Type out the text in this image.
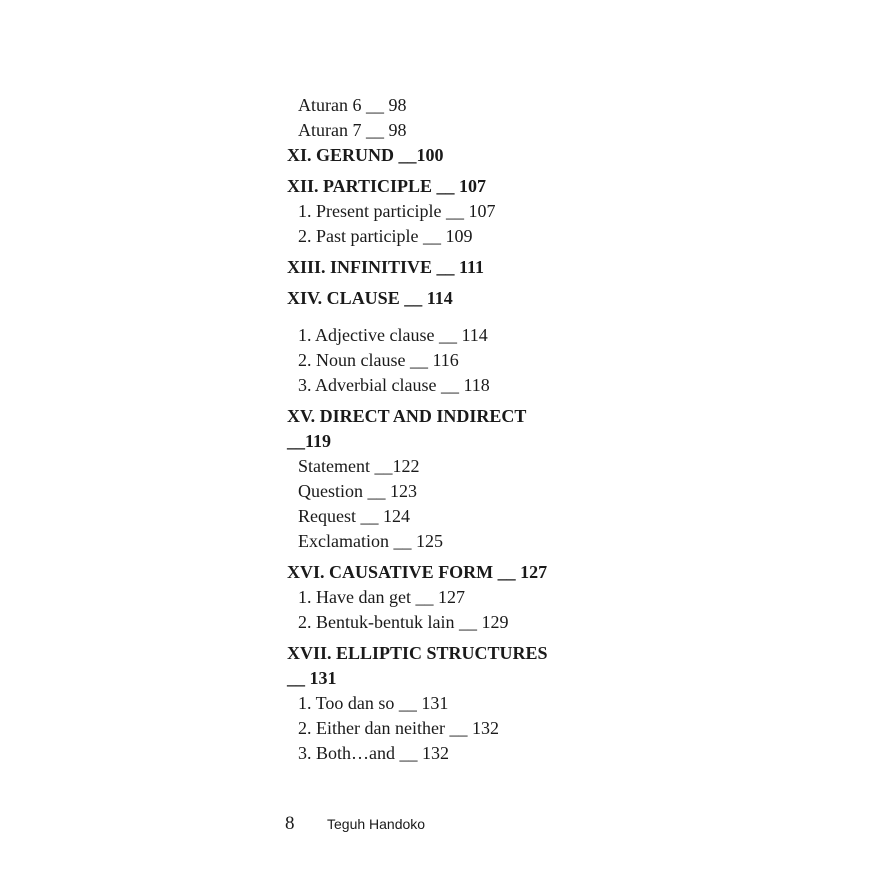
Aturan 6 __ 98
Aturan 7 __ 98
XI. GERUND __100
XII. PARTICIPLE __ 107
1. Present participle __ 107
2. Past participle __ 109
XIII. INFINITIVE __ 111
XIV. CLAUSE __ 114
1. Adjective clause __ 114
2. Noun clause __ 116
3. Adverbial clause __ 118
XV. DIRECT AND INDIRECT __119
Statement __122
Question __ 123
Request __ 124
Exclamation __ 125
XVI. CAUSATIVE FORM __ 127
1. Have dan get __ 127
2. Bentuk-bentuk lain __ 129
XVII. ELLIPTIC STRUCTURES __ 131
1. Too dan so __ 131
2. Either dan neither __ 132
3. Both…and __ 132
8	Teguh Handoko
